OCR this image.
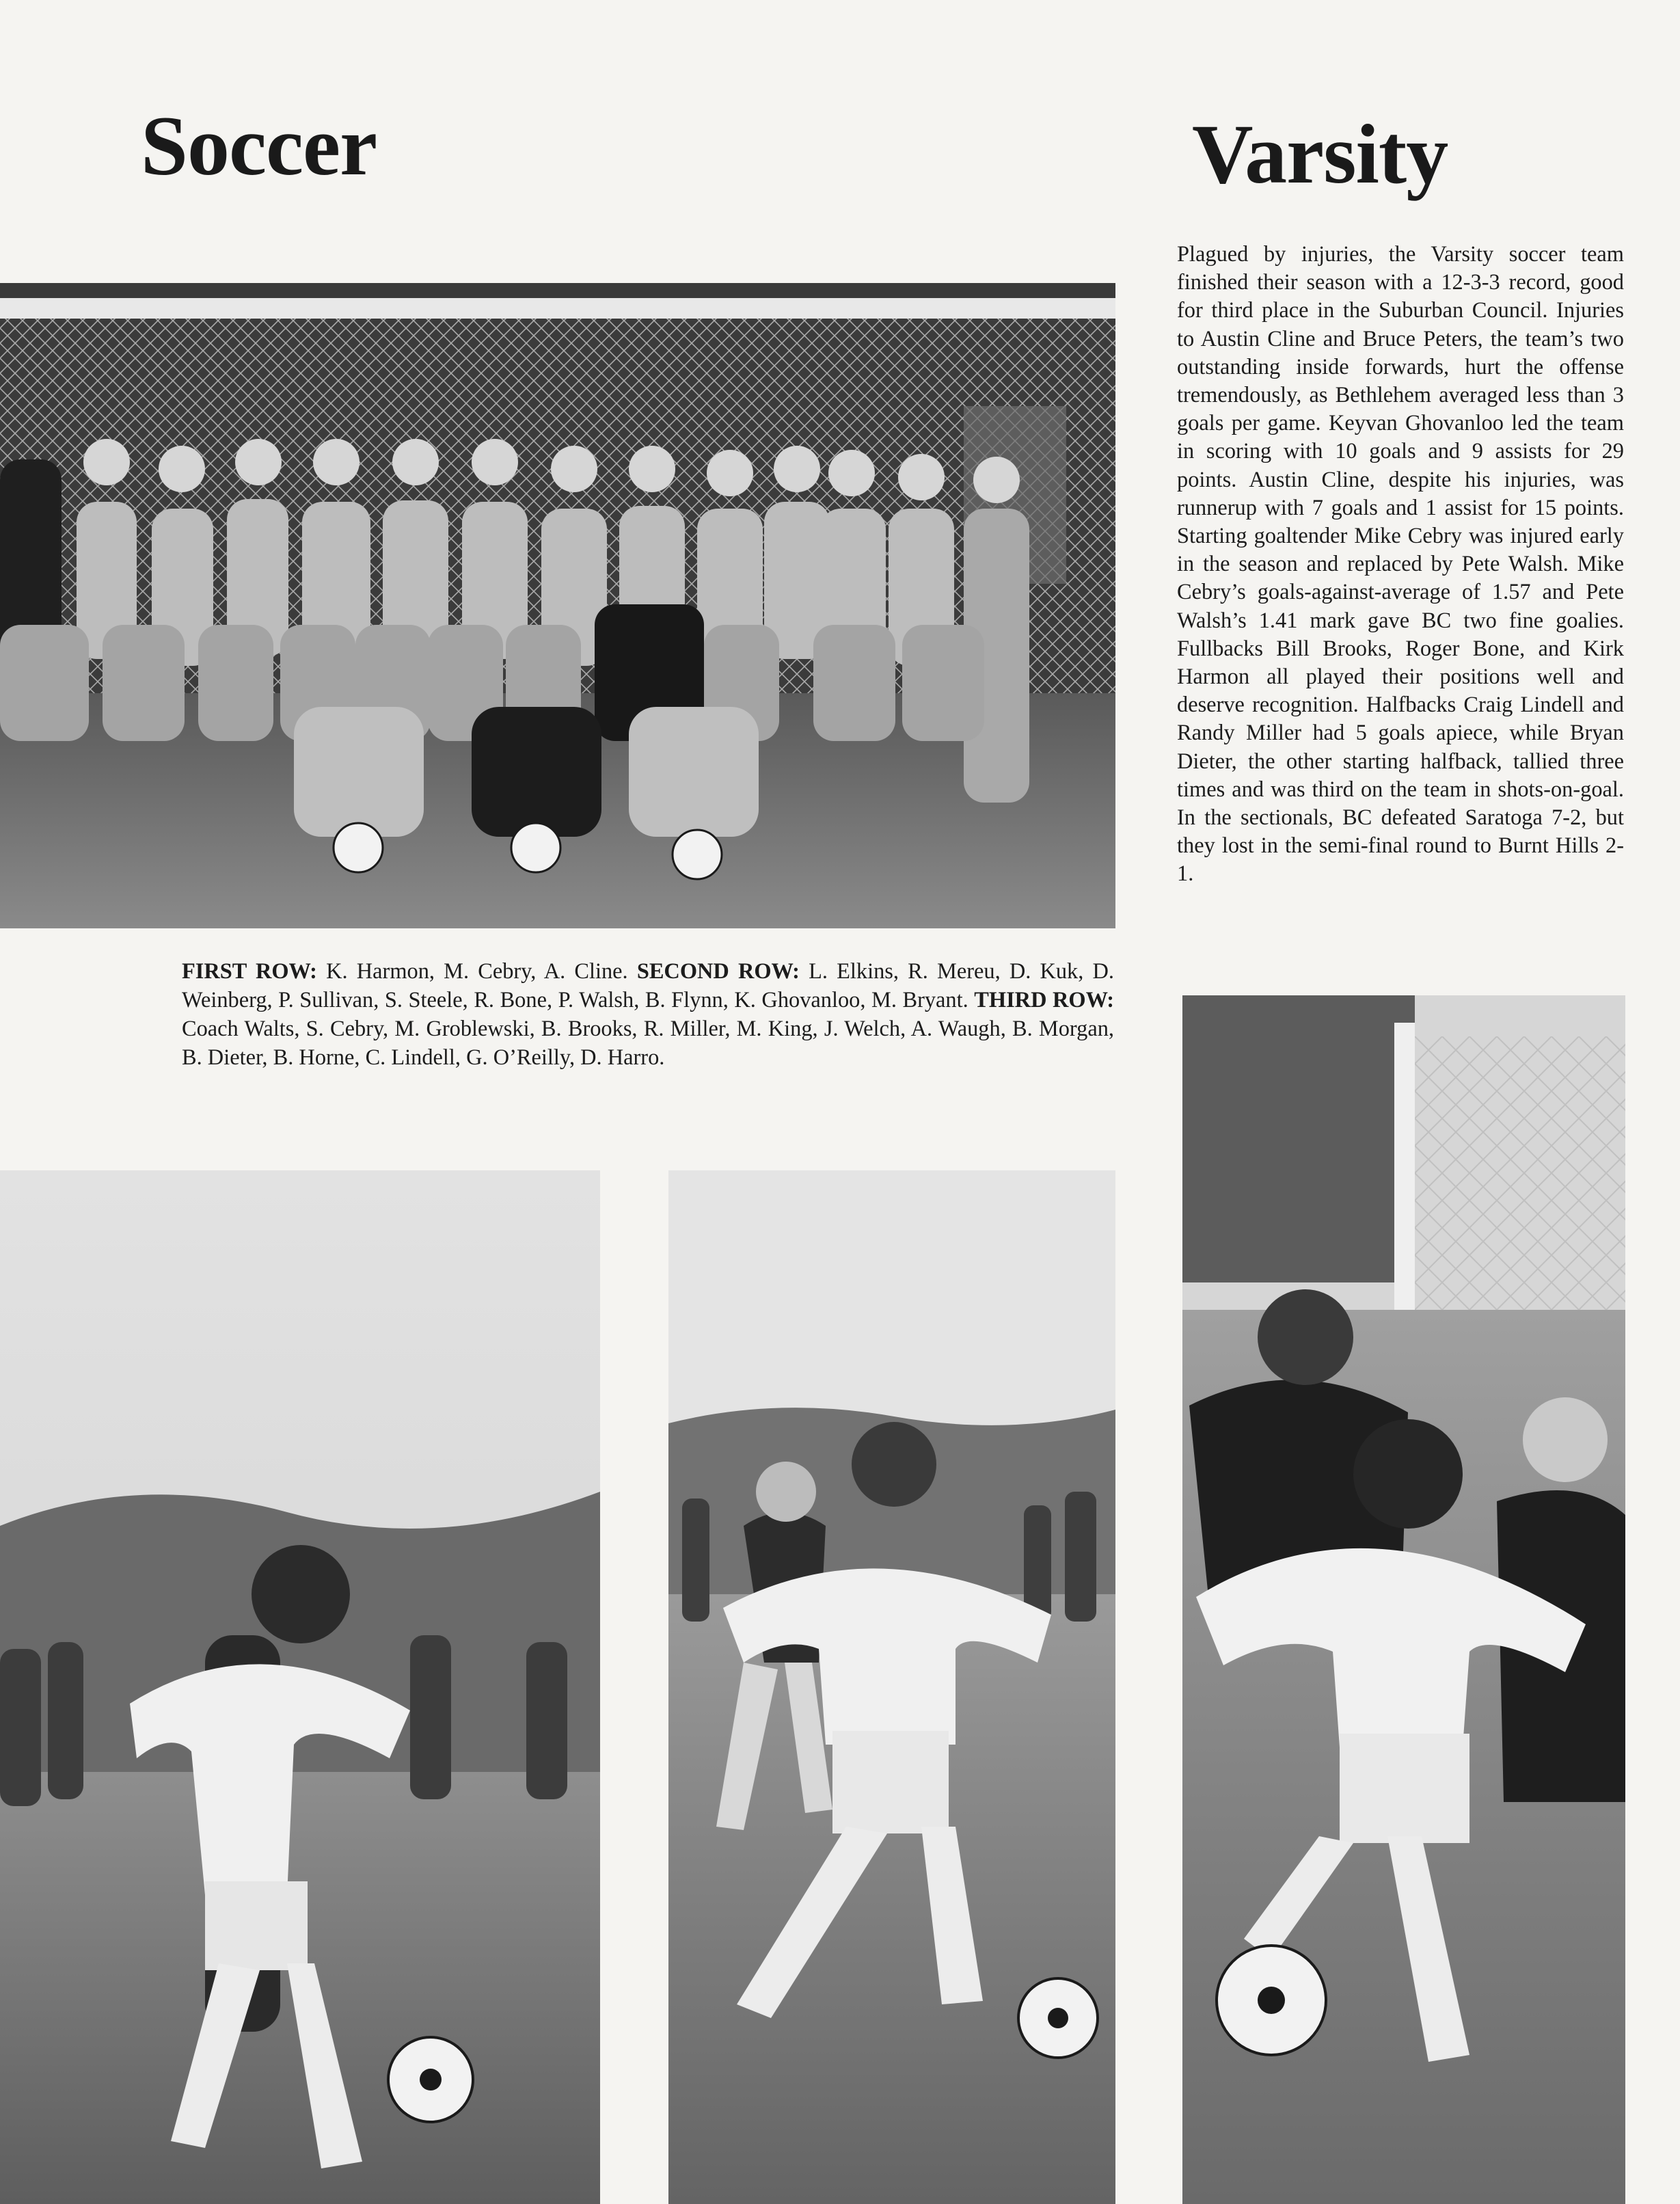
Soccer	Varsity
Plagued by injuries, the Varsity soccer team finished their season with a 12-3-3 record, good for third place in the Suburban Council. Injuries to Austin Cline and Bruce Peters, the team’s two outstanding inside forwards, hurt the offense tremendously, as Bethlehem averaged less than 3 goals per game. Keyvan Ghovanloo led the team in scoring with 10 goals and 9 assists for 29 points. Austin Cline, despite his injuries, was runnerup with 7 goals and 1 assist for 15 points. Starting goaltender Mike Cebry was injured early in the season and replaced by Pete Walsh. Mike Cebry’s goals-against-average of 1.57 and Pete Walsh’s 1.41 mark gave BC two fine goalies. Fullbacks Bill Brooks, Roger Bone, and Kirk Harmon all played their positions well and deserve recognition. Halfbacks Craig Lindell and Randy Miller had 5 goals apiece, while Bryan Dieter, the other starting halfback, tallied three times and was third on the team in shots-on-goal. In the sectionals, BC defeated Saratoga 7-2, but they lost in the semi-final round to Burnt Hills 2-1.
FIRST ROW: K. Harmon, M. Cebry, A. Cline. SECOND ROW: L. Elkins, R. Mereu, D. Kuk, D. Weinberg, P. Sullivan, S. Steele, R. Bone, P. Walsh, B. Flynn, K. Ghovanloo, M. Bryant. THIRD ROW: Coach Walts, S. Cebry, M. Groblewski, B. Brooks, R. Miller, M. King, J. Welch, A. Waugh, B. Morgan, B. Dieter, B. Horne, C. Lindell, G. O’Reilly, D. Harro.
